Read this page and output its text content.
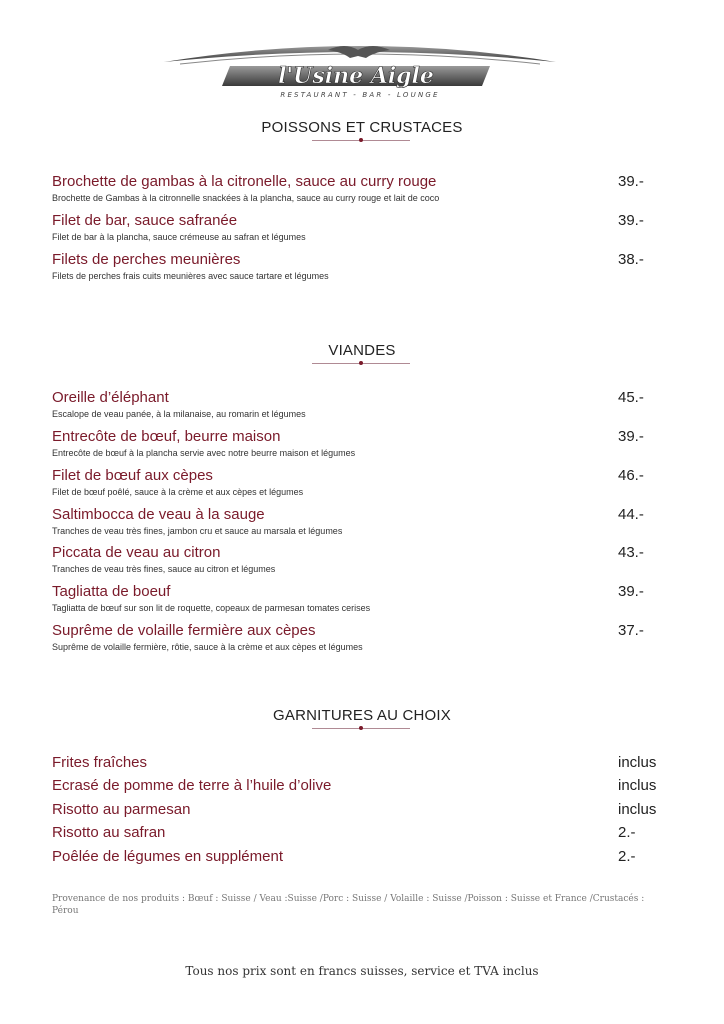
l'Usine Aigle
RESTAURANT - BAR - LOUNGE
POISSONS ET CRUSTACES
Brochette de gambas à la citronelle, sauce au curry rouge
Brochette de Gambas à la citronnelle snackées à la plancha, sauce au curry rouge et lait de coco
39.-
Filet de bar, sauce safranée
Filet de bar à la plancha, sauce crémeuse au safran et légumes
39.-
Filets de perches meunières
Filets de perches frais cuits meunières avec sauce tartare et légumes
38.-
VIANDES
Oreille d’éléphant
Escalope de veau panée, à la milanaise, au romarin et légumes
45.-
Entrecôte de bœuf, beurre maison
Entrecôte de bœuf à la plancha servie avec notre beurre maison et légumes
39.-
Filet de bœuf aux cèpes
Filet de bœuf poêlé, sauce à la crème et aux cèpes et légumes
46.-
Saltimbocca de veau à la sauge
Tranches de veau très fines, jambon cru et sauce au marsala et légumes
44.-
Piccata de veau au citron
Tranches de veau très fines, sauce au citron et légumes
43.-
Tagliatta de boeuf
Tagliatta de bœuf sur son lit de roquette, copeaux de parmesan tomates cerises
39.-
Suprême de volaille fermière aux cèpes
Suprême de volaille fermière, rôtie, sauce à la crème et aux cèpes et légumes
37.-
GARNITURES AU CHOIX
Frites fraîches	inclus
Ecrasé de pomme de terre à l’huile d’olive	inclus
Risotto au parmesan	inclus
Risotto au safran	2.-
Poêlée de légumes en supplément	2.-
Provenance de nos produits : Bœuf : Suisse / Veau :Suisse /Porc : Suisse / Volaille : Suisse /Poisson : Suisse et France /Crustacés : Pérou
Tous nos prix sont en francs suisses, service et TVA inclus
